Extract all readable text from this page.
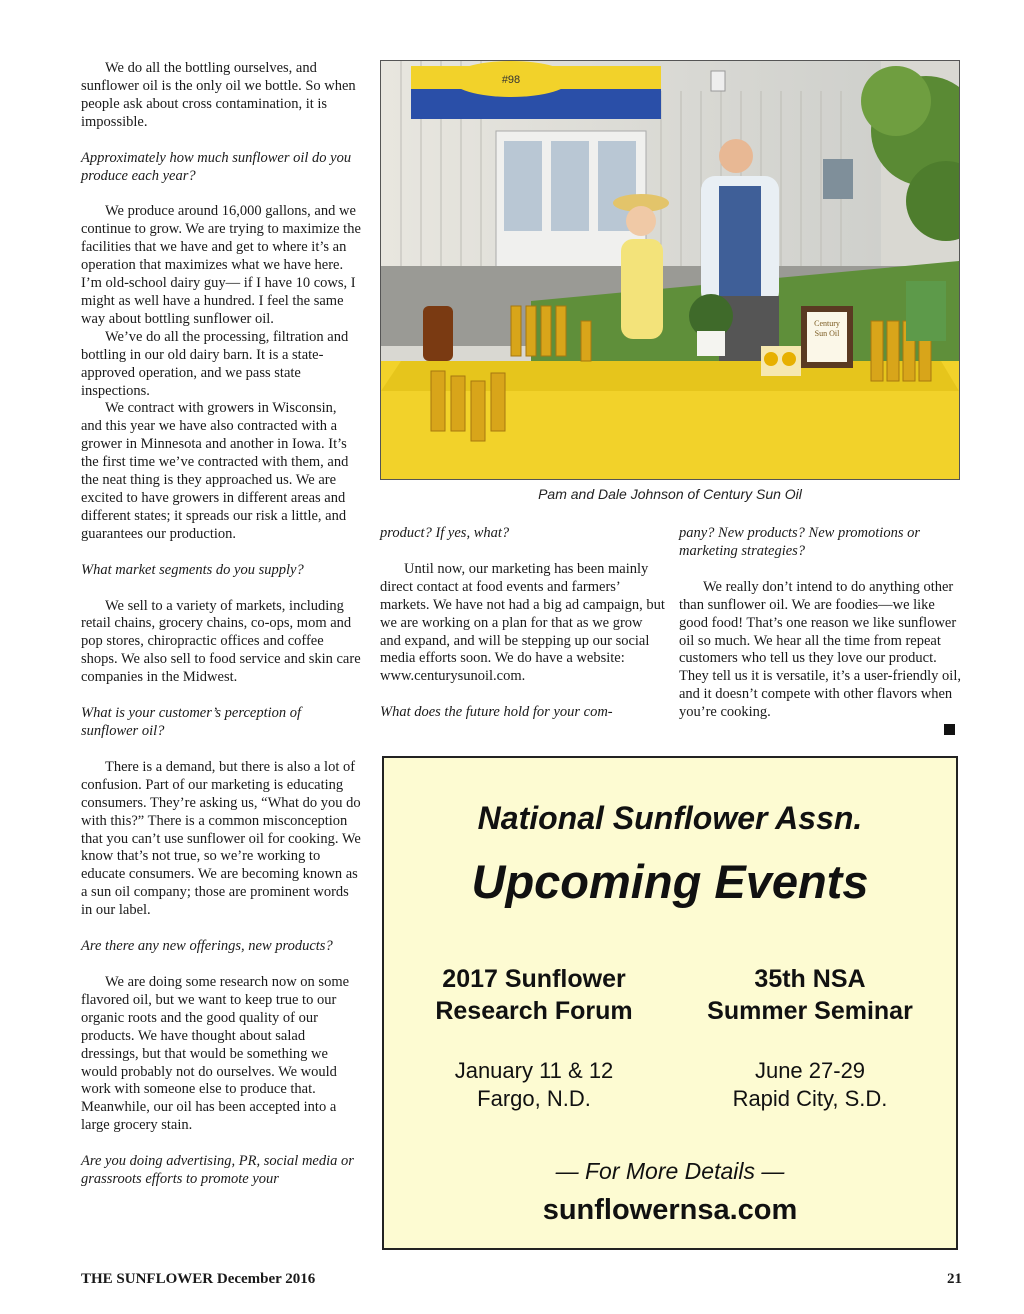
We do all the bottling ourselves, and sunflower oil is the only oil we bottle. So when people ask about cross contamination, it is impossible.

Approximately how much sunflower oil do you produce each year?

We produce around 16,000 gallons, and we continue to grow. We are trying to maximize the facilities that we have and get to where it’s an operation that maximizes what we have here. I’m old-school dairy guy— if I have 10 cows, I might as well have a hundred. I feel the same way about bottling sunflower oil.

We’ve do all the processing, filtration and bottling in our old dairy barn. It is a state-approved operation, and we pass state inspections.

We contract with growers in Wisconsin, and this year we have also contracted with a grower in Minnesota and another in Iowa. It’s the first time we’ve contracted with them, and the neat thing is they approached us. We are excited to have growers in different areas and different states; it spreads our risk a little, and guarantees our production.

What market segments do you supply?

We sell to a variety of markets, including retail chains, grocery chains, co-ops, mom and pop stores, chiropractic offices and coffee shops. We also sell to food service and skin care companies in the Midwest.

What is your customer’s perception of sunflower oil?

There is a demand, but there is also a lot of confusion. Part of our marketing is educating consumers. They’re asking us, “What do you do with this?” There is a common misconception that you can’t use sunflower oil for cooking. We know that’s not true, so we’re working to educate consumers. We are becoming known as a sun oil company; those are prominent words in our label.

Are there any new offerings, new products?

We are doing some research now on some flavored oil, but we want to keep true to our organic roots and the good quality of our products. We have thought about salad dressings, but that would be something we would probably not do ourselves. We would work with someone else to produce that. Meanwhile, our oil has been accepted into a large grocery stain.

Are you doing advertising, PR, social media or grassroots efforts to promote your

#98
Century
Sun Oil
Pam and Dale Johnson of Century Sun Oil

product? If yes, what?

Until now, our marketing has been mainly direct contact at food events and farmers’ markets. We have not had a big ad campaign, but we are working on a plan for that as we grow and expand, and will be stepping up our social media efforts soon. We do have a website: www.centurysunoil.com.

What does the future hold for your com-

pany? New products? New promotions or marketing strategies?

We really don’t intend to do anything other than sunflower oil. We are foodies—we like good food! That’s one reason we like sunflower oil so much. We hear all the time from repeat customers who tell us they love our product. They tell us it is versatile, it’s a user-friendly oil, and it doesn’t compete with other flavors when you’re cooking.

National Sunflower Assn.
Upcoming Events
2017 Sunflower
Research Forum
January 11 & 12
Fargo, N.D.
35th NSA
Summer Seminar
June 27-29
Rapid City, S.D.
— For More Details —
sunflowernsa.com
THE SUNFLOWER December 2016	21
